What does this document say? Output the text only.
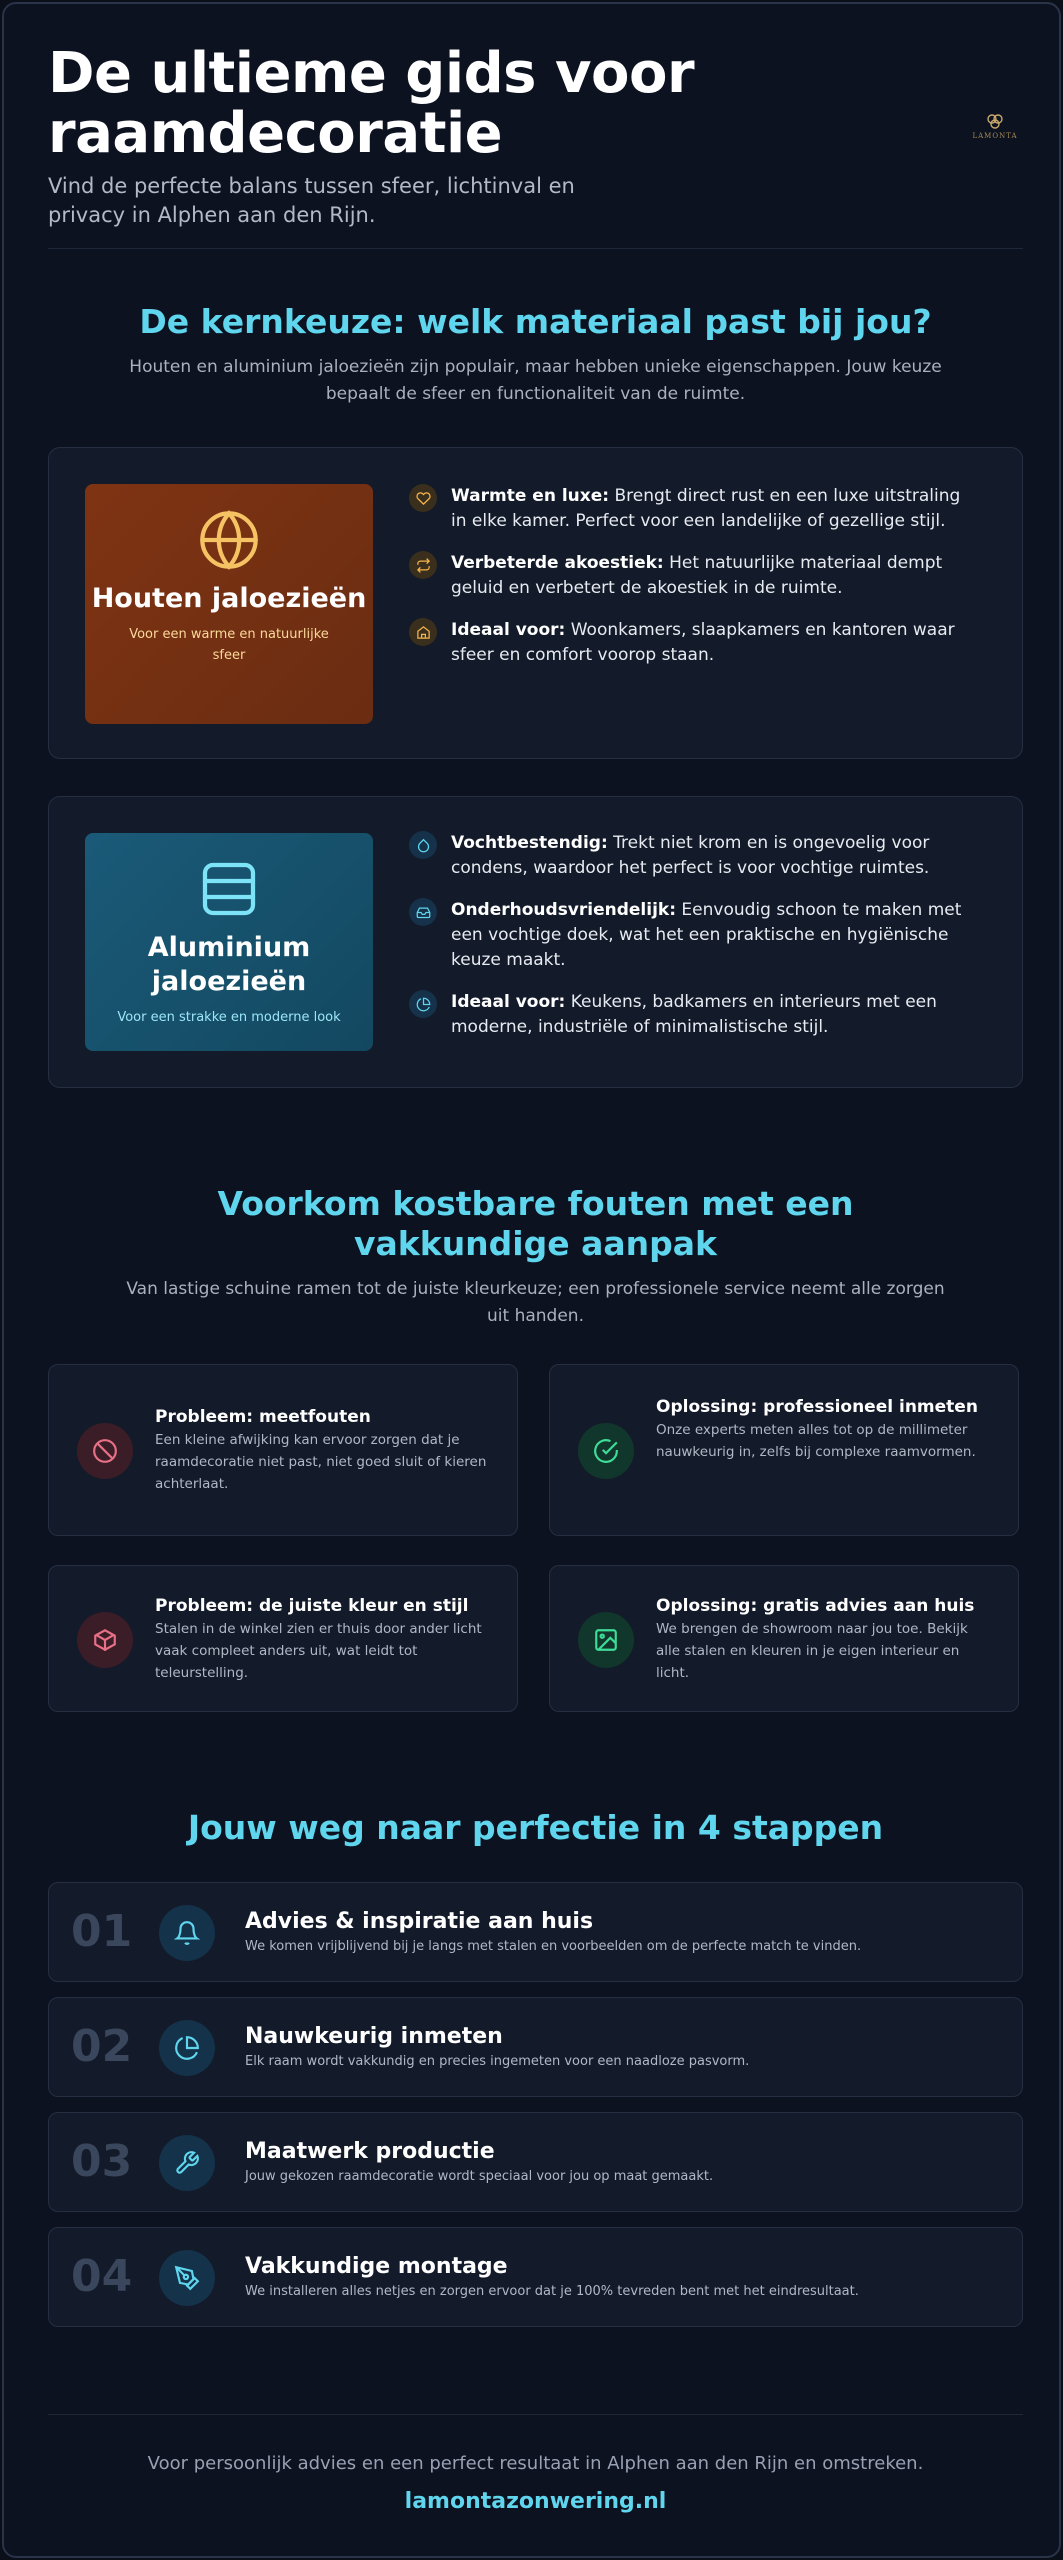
De ultieme gids voor raamdecoratie

Vind de perfecte balans tussen sfeer, lichtinval en privacy in Alphen aan den Rijn.

LAMONTA
De kernkeuze: welk materiaal past bij jou?

Houten en aluminium jaloezieën zijn populair, maar hebben unieke eigenschappen. Jouw keuze bepaalt de sfeer en functionaliteit van de ruimte.

Houten jaloezieën
Voor een warme en natuurlijke sfeer

Warmte en luxe: Brengt direct rust en een luxe uitstraling in elke kamer. Perfect voor een landelijke of gezellige stijl.

Verbeterde akoestiek: Het natuurlijke materiaal dempt geluid en verbetert de akoestiek in de ruimte.

Ideaal voor: Woonkamers, slaapkamers en kantoren waar sfeer en comfort voorop staan.

Aluminium jaloezieën
Voor een strakke en moderne look

Vochtbestendig: Trekt niet krom en is ongevoelig voor condens, waardoor het perfect is voor vochtige ruimtes.

Onderhoudsvriendelijk: Eenvoudig schoon te maken met een vochtige doek, wat het een praktische en hygiënische keuze maakt.

Ideaal voor: Keukens, badkamers en interieurs met een moderne, industriële of minimalistische stijl.

Voorkom kostbare fouten met een vakkundige aanpak

Van lastige schuine ramen tot de juiste kleurkeuze; een professionele service neemt alle zorgen uit handen.

Probleem: meetfouten
Een kleine afwijking kan ervoor zorgen dat je raamdecoratie niet past, niet goed sluit of kieren achterlaat.
Oplossing: professioneel inmeten
Onze experts meten alles tot op de millimeter nauwkeurig in, zelfs bij complexe raamvormen.
Probleem: de juiste kleur en stijl
Stalen in de winkel zien er thuis door ander licht vaak compleet anders uit, wat leidt tot teleurstelling.
Oplossing: gratis advies aan huis
We brengen de showroom naar jou toe. Bekijk alle stalen en kleuren in je eigen interieur en licht.
Jouw weg naar perfectie in 4 stappen
01	Advies & inspiratie aan huis
We komen vrijblijvend bij je langs met stalen en voorbeelden om de perfecte match te vinden.
02	Nauwkeurig inmeten
Elk raam wordt vakkundig en precies ingemeten voor een naadloze pasvorm.
03	Maatwerk productie
Jouw gekozen raamdecoratie wordt speciaal voor jou op maat gemaakt.
04	Vakkundige montage
We installeren alles netjes en zorgen ervoor dat je 100% tevreden bent met het eindresultaat.

Voor persoonlijk advies en een perfect resultaat in Alphen aan den Rijn en omstreken.

lamontazonwering.nl
